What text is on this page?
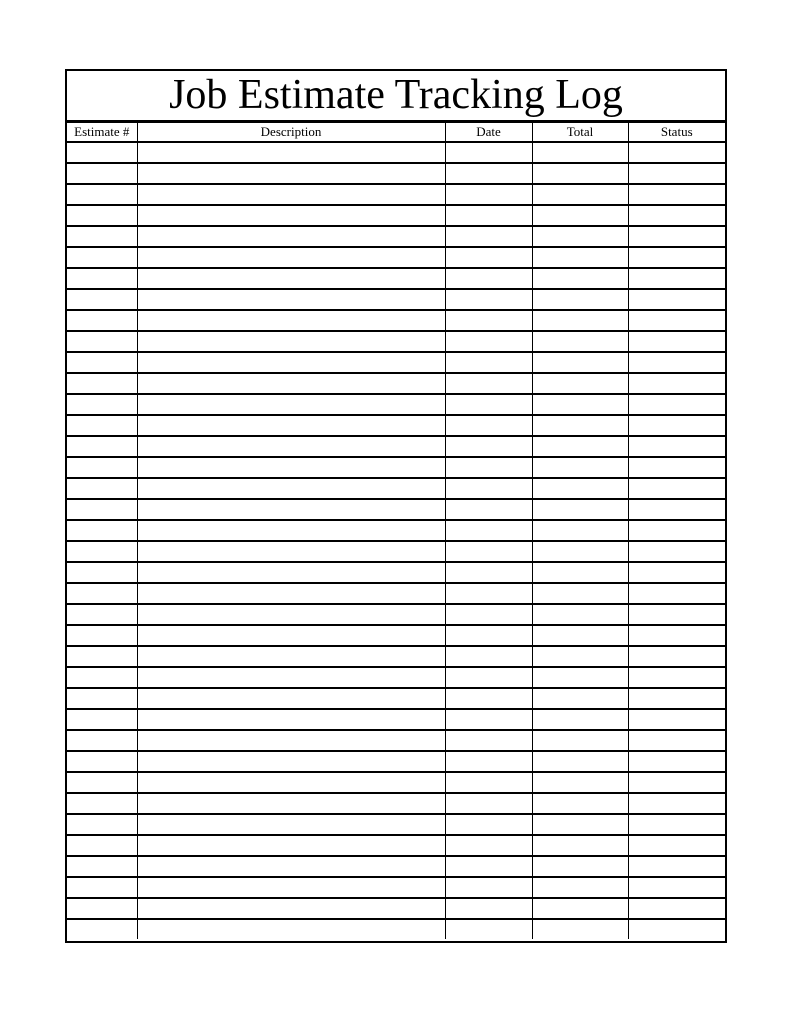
Job Estimate Tracking Log
Estimate #	Description	Date	Total	Status
